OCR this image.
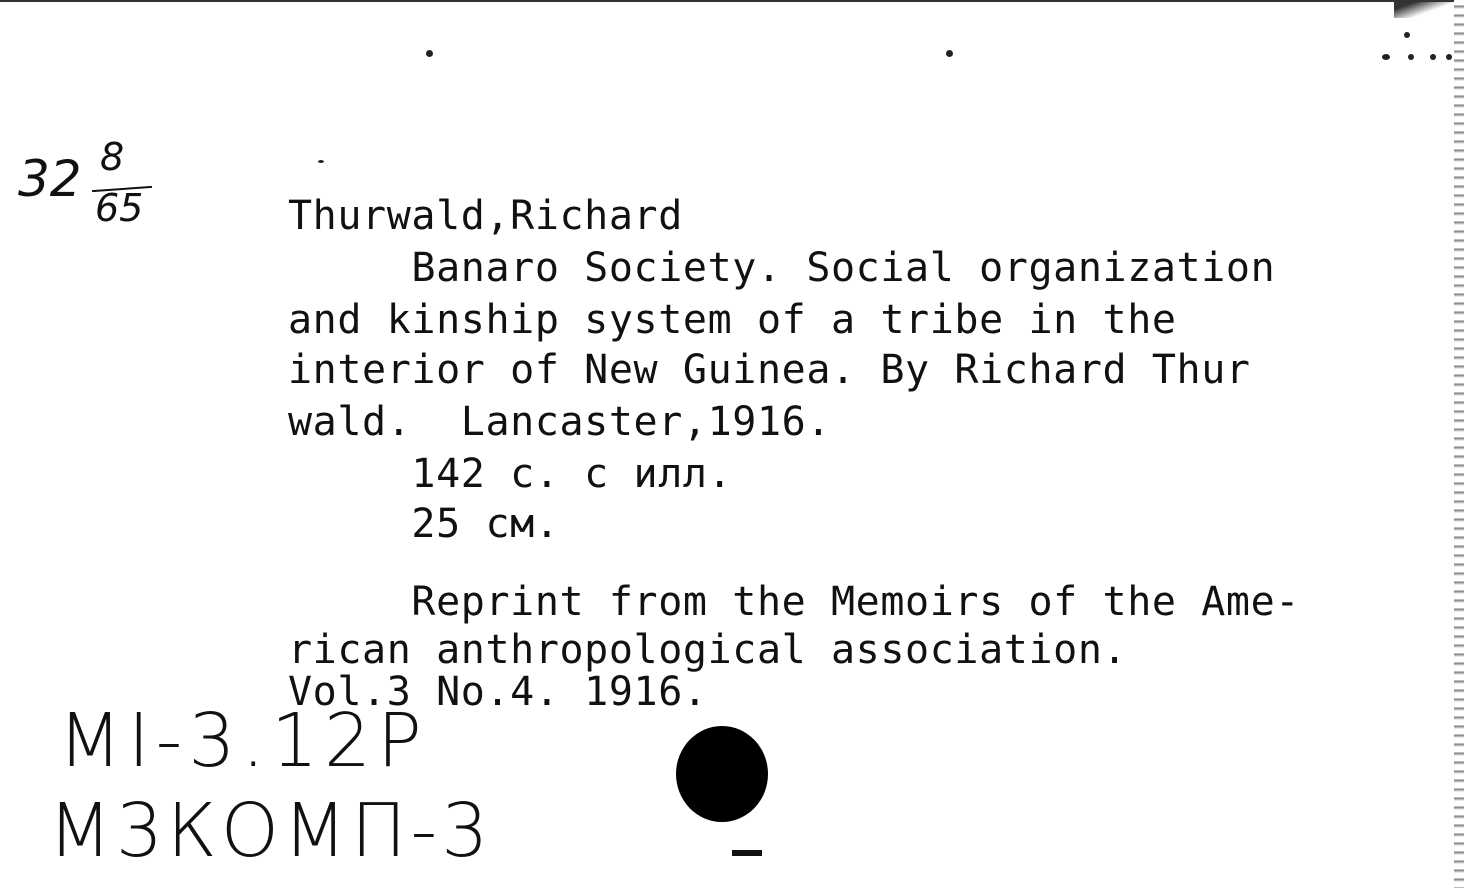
32 8
65	Thurwald,Richard
Banaro Society. Social organization
and kinship system of a tribe in the
interior of New Guinea. By Richard Thur
wald.  Lancaster,1916.
142 c. c илл.
25 см.
Reprint from the Memoirs of the Ame-
rican anthropological association.
Vol.3 No.4. 1916.
МI-3.12Р
М3КОМП-3
